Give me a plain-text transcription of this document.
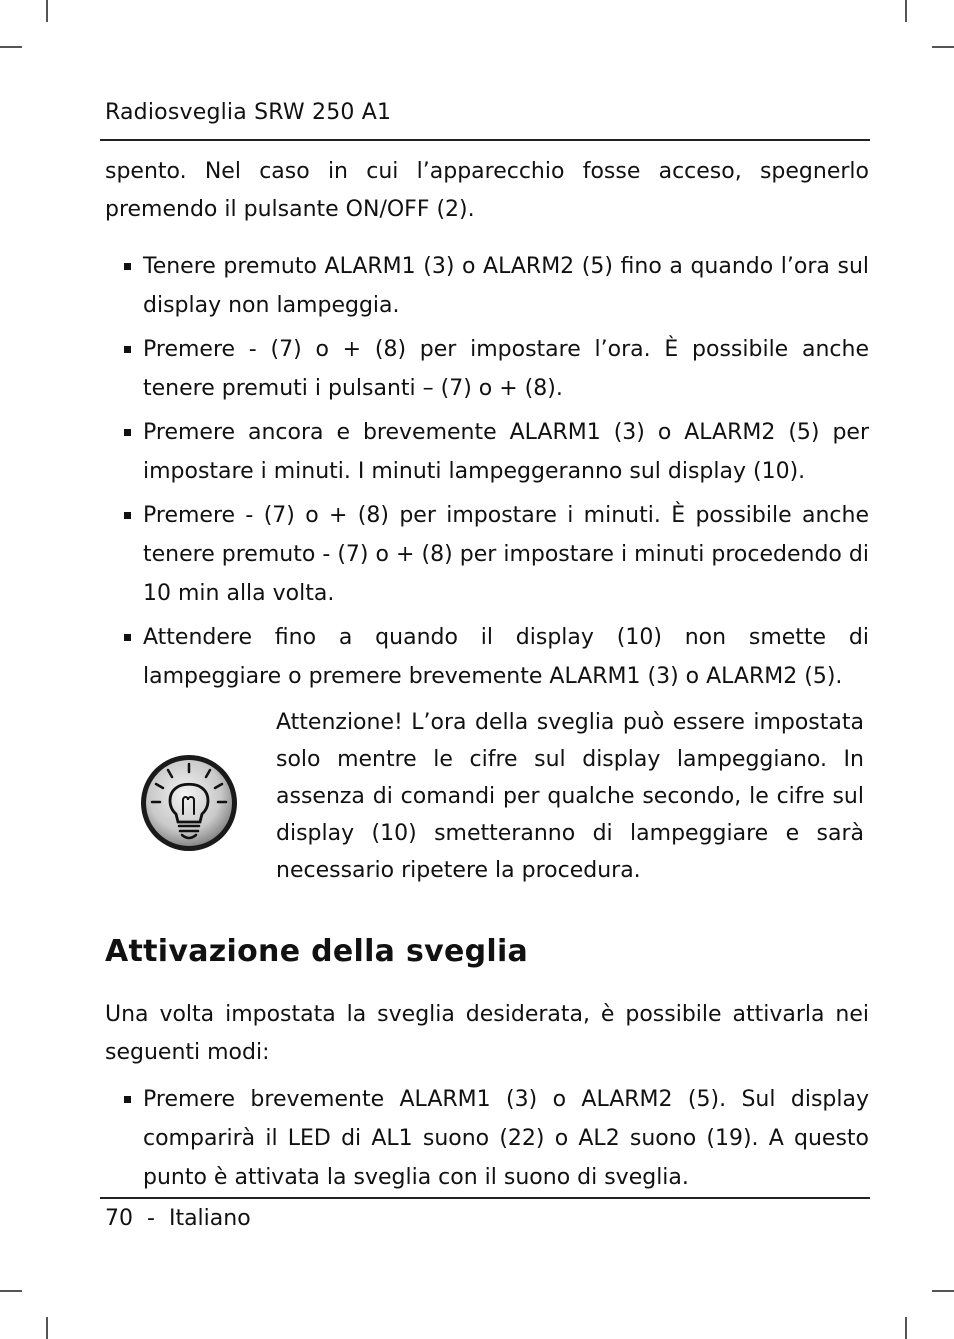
Radiosveglia SRW 250 A1
spento. Nel caso in cui l’apparecchio fosse acceso, spegnerlo premendo il pulsante ON/OFF (2).
Tenere premuto ALARM1 (3) o ALARM2 (5) fino a quando l’ora sul display non lampeggia.
Premere - (7) o + (8) per impostare l’ora. È possibile anche tenere premuti i pulsanti – (7) o + (8).
Premere ancora e brevemente ALARM1 (3) o ALARM2 (5) per impostare i minuti. I minuti lampeggeranno sul display (10).
Premere - (7) o + (8) per impostare i minuti. È possibile anche tenere premuto - (7) o + (8) per impostare i minuti procedendo di 10 min alla volta.
Attendere fino a quando il display (10) non smette di lampeggiare o premere brevemente ALARM1 (3) o ALARM2 (5).
Attenzione! L’ora della sveglia può essere impostata solo mentre le cifre sul display lampeggiano. In assenza di comandi per qualche secondo, le cifre sul display (10) smetteranno di lampeggiare e sarà necessario ripetere la procedura.
Attivazione della sveglia
Una volta impostata la sveglia desiderata, è possibile attivarla nei seguenti modi:
Premere brevemente ALARM1 (3) o ALARM2 (5). Sul display comparirà il LED di AL1 suono (22) o AL2 suono (19). A questo punto è attivata la sveglia con il suono di sveglia.
70 - Italiano
